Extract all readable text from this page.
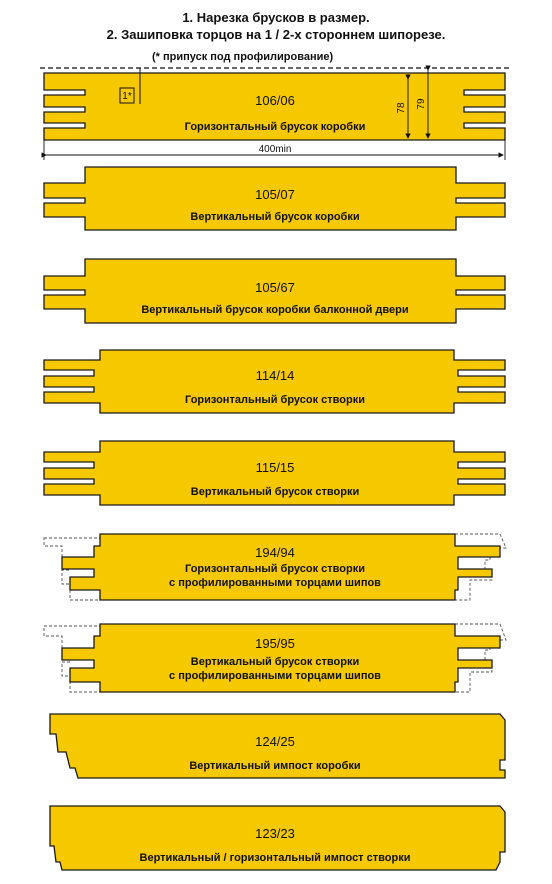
1. Нарезка брусков в размер.
2. Зашиповка торцов на 1 / 2-х стороннем шипорезе.
(* припуск под профилирование)
1*
78 79
106/06
Горизонтальный брусок коробки
400min
105/07
Вертикальный брусок коробки
105/67
Вертикальный брусок коробки балконной двери
114/14
Горизонтальный брусок створки
115/15
Вертикальный брусок створки
194/94
Горизонтальный брусок створки
с профилированными торцами шипов
195/95
Вертикальный брусок створки
с профилированными торцами шипов
124/25
Вертикальный импост коробки
123/23
Вертикальный / горизонтальный импост створки
